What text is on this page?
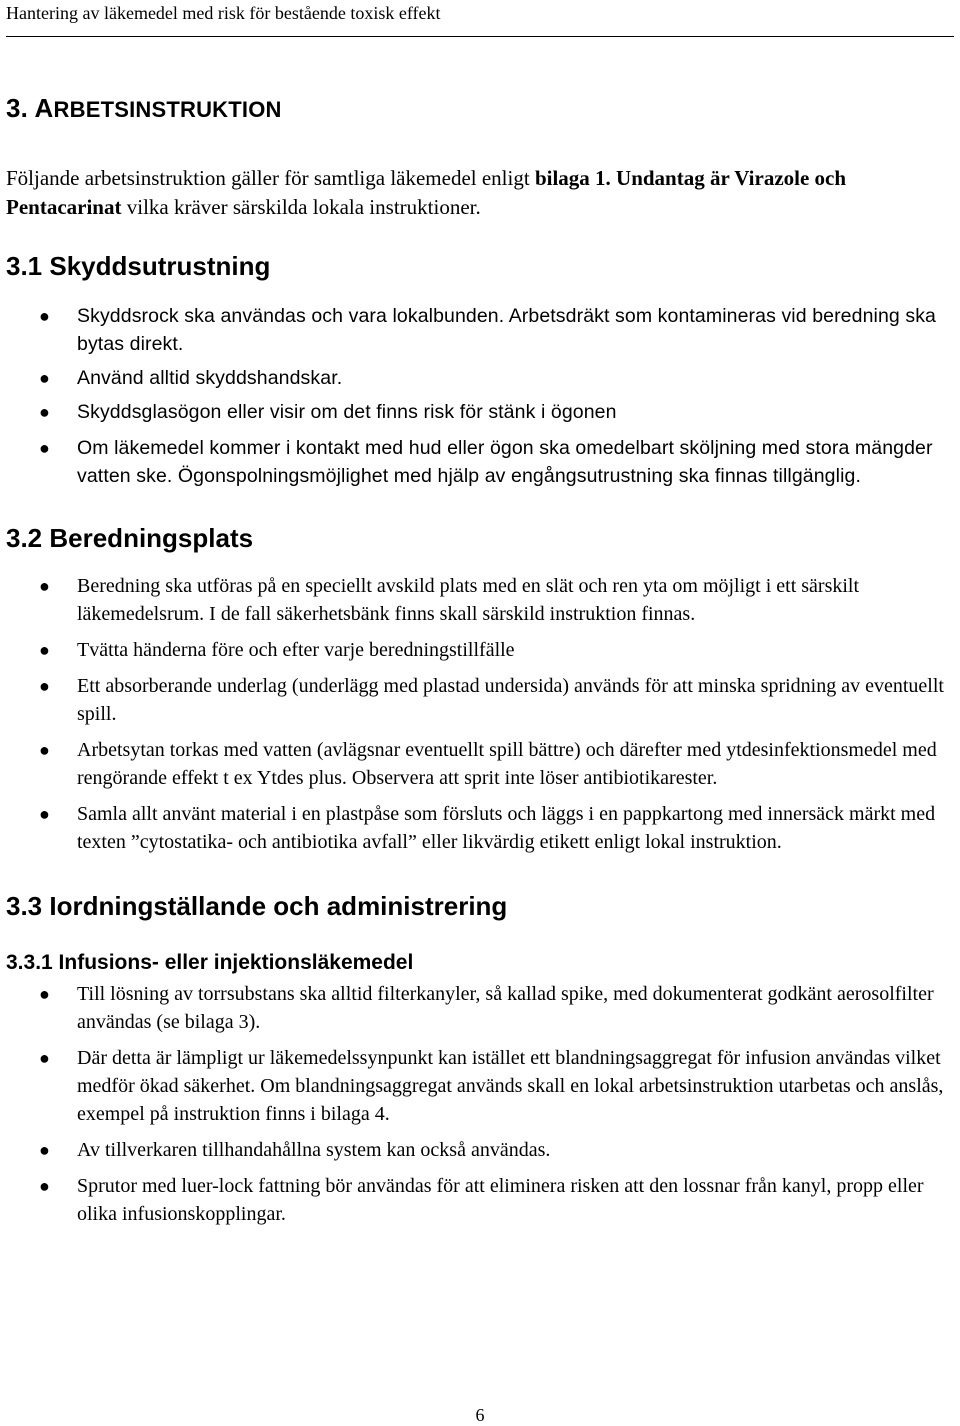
Hantering av läkemedel med risk för bestående toxisk effekt

3. ARBETSINSTRUKTION

Följande arbetsinstruktion gäller för samtliga läkemedel enligt bilaga 1. Undantag är Virazole och Pentacarinat vilka kräver särskilda lokala instruktioner.

3.1 Skyddsutrustning
● Skyddsrock ska användas och vara lokalbunden. Arbetsdräkt som kontamineras vid beredning ska bytas direkt.
● Använd alltid skyddshandskar.
● Skyddsglasögon eller visir om det finns risk för stänk i ögonen
● Om läkemedel kommer i kontakt med hud eller ögon ska omedelbart sköljning med stora mängder vatten ske. Ögonspolningsmöjlighet med hjälp av engångsutrustning ska finnas tillgänglig.
3.2 Beredningsplats
● Beredning ska utföras på en speciellt avskild plats med en slät och ren yta om möjligt i ett särskilt läkemedelsrum. I de fall säkerhetsbänk finns skall särskild instruktion finnas.
● Tvätta händerna före och efter varje beredningstillfälle
● Ett absorberande underlag (underlägg med plastad undersida) används för att minska spridning av eventuellt spill.
● Arbetsytan torkas med vatten (avlägsnar eventuellt spill bättre) och därefter med ytdesinfektionsmedel med rengörande effekt t ex Ytdes plus. Observera att sprit inte löser antibiotikarester.
● Samla allt använt material i en plastpåse som försluts och läggs i en pappkartong med innersäck märkt med texten ”cytostatika- och antibiotika avfall” eller likvärdig etikett enligt lokal instruktion.
3.3 Iordningställande och administrering
3.3.1 Infusions- eller injektionsläkemedel
● Till lösning av torrsubstans ska alltid filterkanyler, så kallad spike, med dokumenterat godkänt aerosolfilter användas (se bilaga 3).
● Där detta är lämpligt ur läkemedelssynpunkt kan istället ett blandningsaggregat för infusion användas vilket medför ökad säkerhet. Om blandningsaggregat används skall en lokal arbetsinstruktion utarbetas och anslås, exempel på instruktion finns i bilaga 4.
● Av tillverkaren tillhandahållna system kan också användas.
● Sprutor med luer-lock fattning bör användas för att eliminera risken att den lossnar från kanyl, propp eller olika infusionskopplingar.
6
